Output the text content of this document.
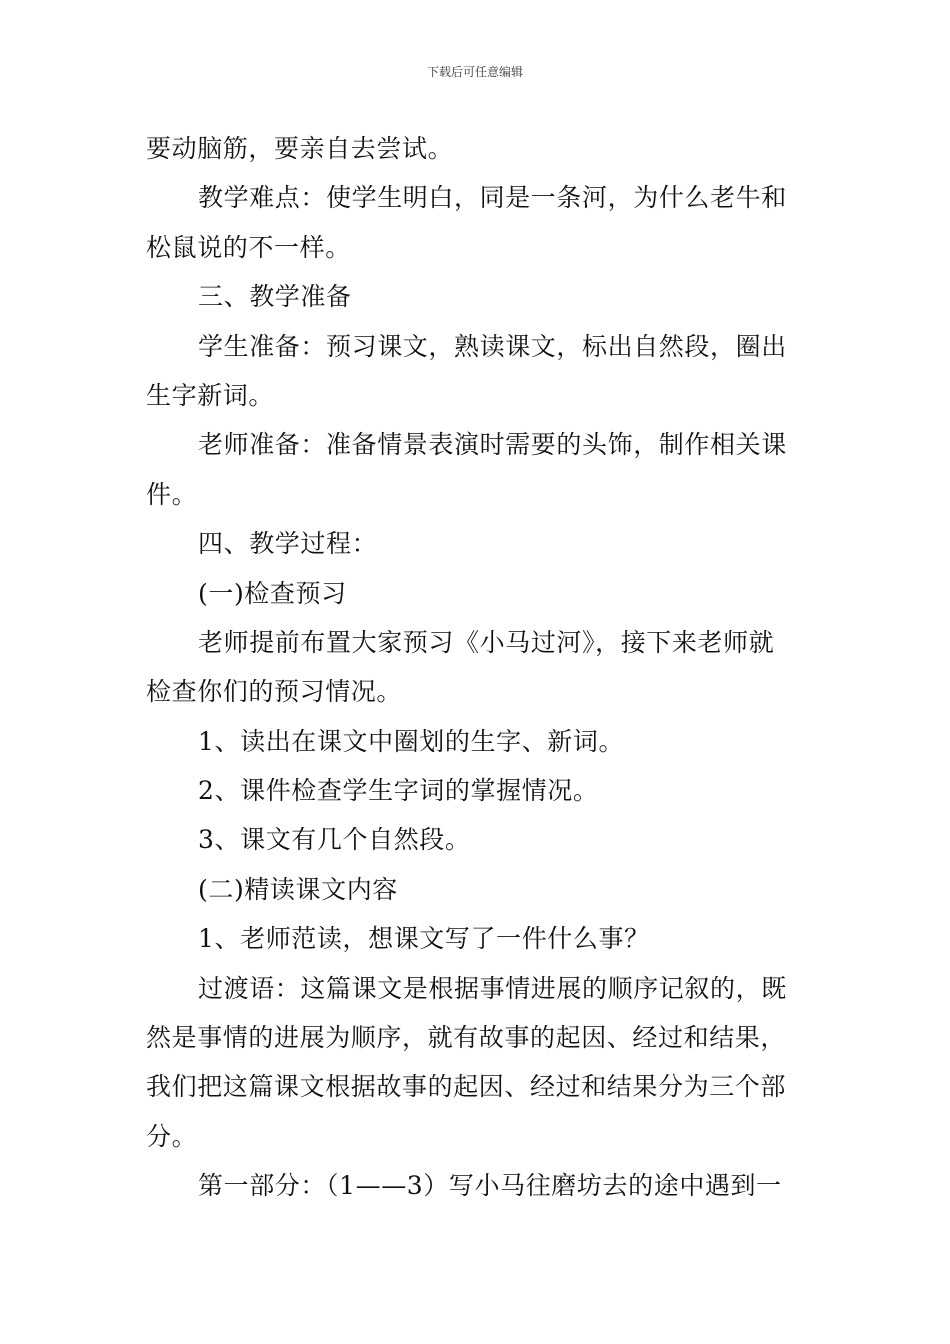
下载后可任意编辑
要动脑筋，要亲自去尝试。
教学难点：使学生明白，同是一条河，为什么老牛和
松鼠说的不一样。
三、教学准备
学生准备：预习课文，熟读课文，标出自然段，圈出
生字新词。
老师准备：准备情景表演时需要的头饰，制作相关课
件。
四、教学过程：
(一)检查预习
老师提前布置大家预习《小马过河》，接下来老师就
检查你们的预习情况。
1、读出在课文中圈划的生字、新词。
2、课件检查学生字词的掌握情况。
3、课文有几个自然段。
(二)精读课文内容
1、老师范读，想课文写了一件什么事？
过渡语：这篇课文是根据事情进展的顺序记叙的，既
然是事情的进展为顺序，就有故事的起因、经过和结果，
我们把这篇课文根据故事的起因、经过和结果分为三个部
分。
第一部分：（1——3）写小马往磨坊去的途中遇到一
